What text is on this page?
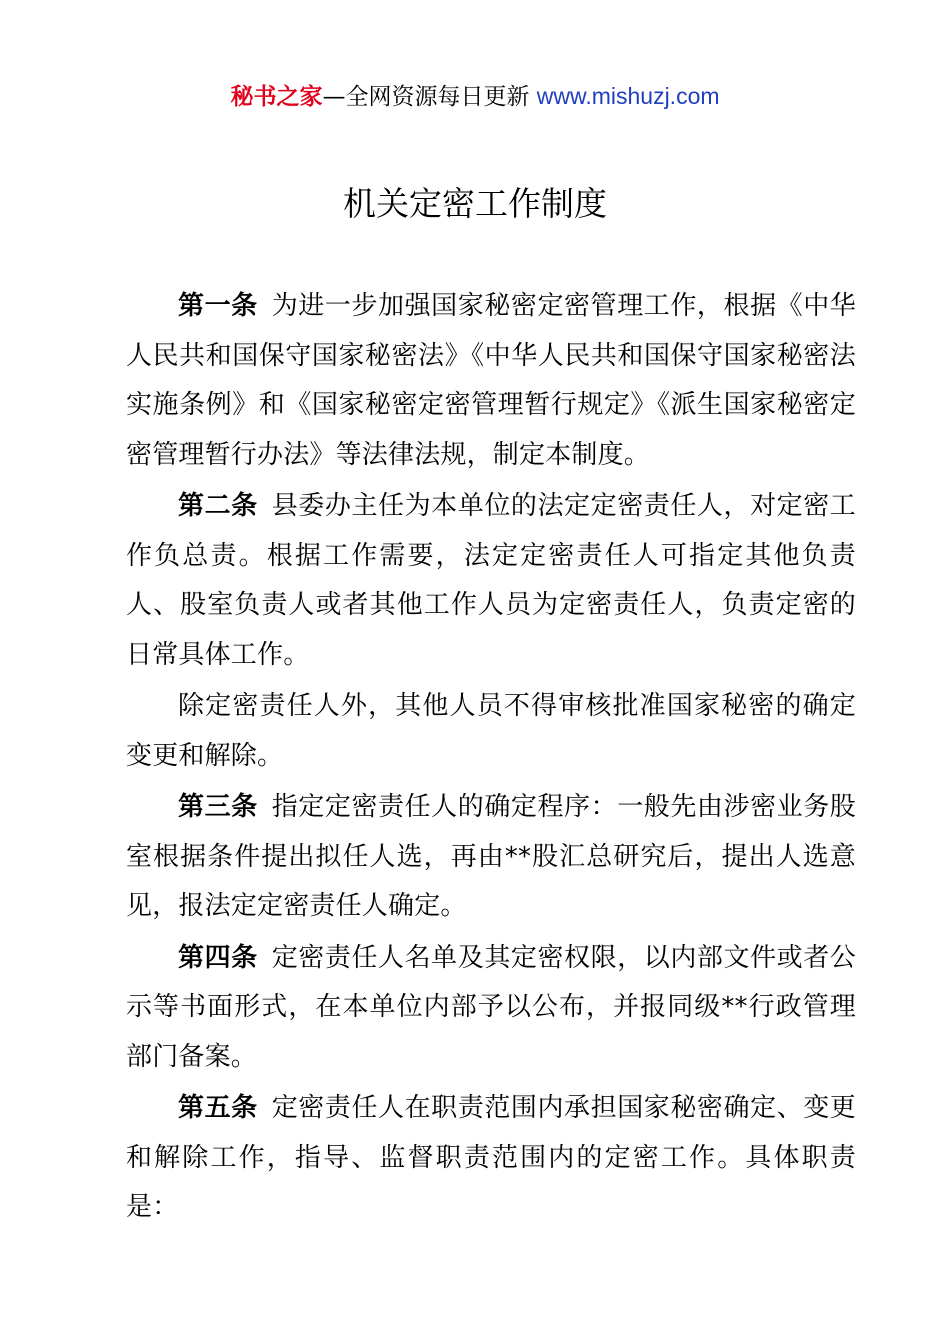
秘书之家—全网资源每日更新 www.mishuzj.com
机关定密工作制度

第一条 为进一步加强国家秘密定密管理工作，根据《中华人民共和国保守国家秘密法》《中华人民共和国保守国家秘密法实施条例》和《国家秘密定密管理暂行规定》《派生国家秘密定密管理暂行办法》等法律法规，制定本制度。

第二条 县委办主任为本单位的法定定密责任人，对定密工作负总责。根据工作需要，法定定密责任人可指定其他负责人、股室负责人或者其他工作人员为定密责任人，负责定密的日常具体工作。

除定密责任人外，其他人员不得审核批准国家秘密的确定变更和解除。

第三条 指定定密责任人的确定程序：一般先由涉密业务股室根据条件提出拟任人选，再由**股汇总研究后，提出人选意见，报法定定密责任人确定。

第四条 定密责任人名单及其定密权限，以内部文件或者公示等书面形式，在本单位内部予以公布，并报同级**行政管理部门备案。

第五条 定密责任人在职责范围内承担国家秘密确定、变更和解除工作，指导、监督职责范围内的定密工作。具体职责是：
